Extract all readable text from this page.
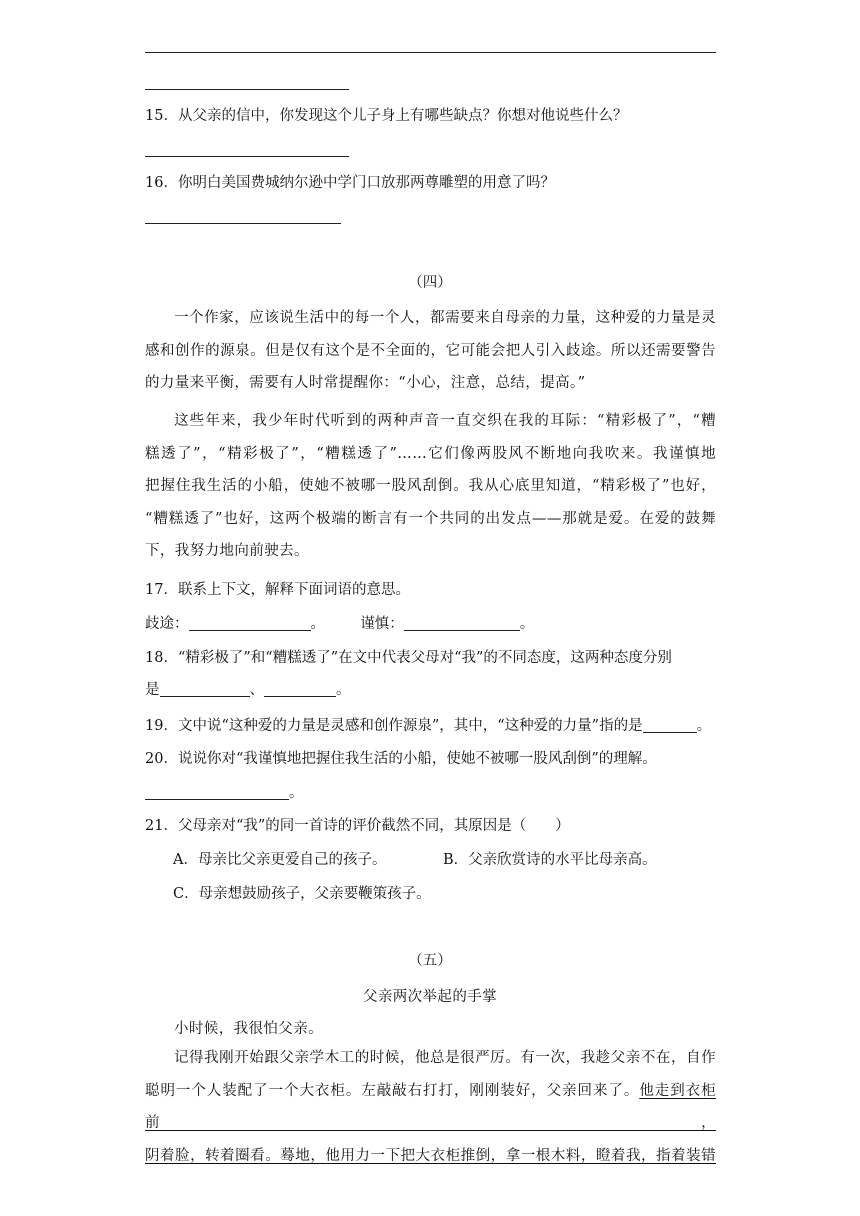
15．从父亲的信中，你发现这个儿子身上有哪些缺点？你想对他说些什么？
16．你明白美国费城纳尔逊中学门口放那两尊雕塑的用意了吗？
（四）
一个作家，应该说生活中的每一个人，都需要来自母亲的力量，这种爱的力量是灵
感和创作的源泉。但是仅有这个是不全面的，它可能会把人引入歧途。所以还需要警告
的力量来平衡，需要有人时常提醒你：“小心，注意，总结，提高。”
这些年来，我少年时代听到的两种声音一直交织在我的耳际：“精彩极了”，“糟
糕透了”，“精彩极了”，“糟糕透了”……它们像两股风不断地向我吹来。我谨慎地
把握住我生活的小船，使她不被哪一股风刮倒。我从心底里知道，“精彩极了”也好，
“糟糕透了”也好，这两个极端的断言有一个共同的出发点——那就是爱。在爱的鼓舞
下，我努力地向前驶去。
17．联系上下文，解释下面词语的意思。
歧途：	。 谨慎：	。
18．“精彩极了”和“糟糕透了”在文中代表父母对“我”的不同态度，这两种态度分别
是	、	。
19．文中说“这种爱的力量是灵感和创作源泉”，其中，“这种爱的力量”指的是	。
20．说说你对“我谨慎地把握住我生活的小船，使她不被哪一股风刮倒”的理解。
。
21．父母亲对“我”的同一首诗的评价截然不同，其原因是（　　）
A．母亲比父亲更爱自己的孩子。	B．父亲欣赏诗的水平比母亲高。
C．母亲想鼓励孩子，父亲要鞭策孩子。
（五）
父亲两次举起的手掌
小时候，我很怕父亲。
记得我刚开始跟父亲学木工的时候，他总是很严厉。有一次，我趁父亲不在，自作
聪明一个人装配了一个大衣柜。左敲敲右打打，刚刚装好，父亲回来了。他走到衣柜前，
阴着脸，转着圈看。蓦地，他用力一下把大衣柜推倒，拿一根木料，瞪着我，指着装错
